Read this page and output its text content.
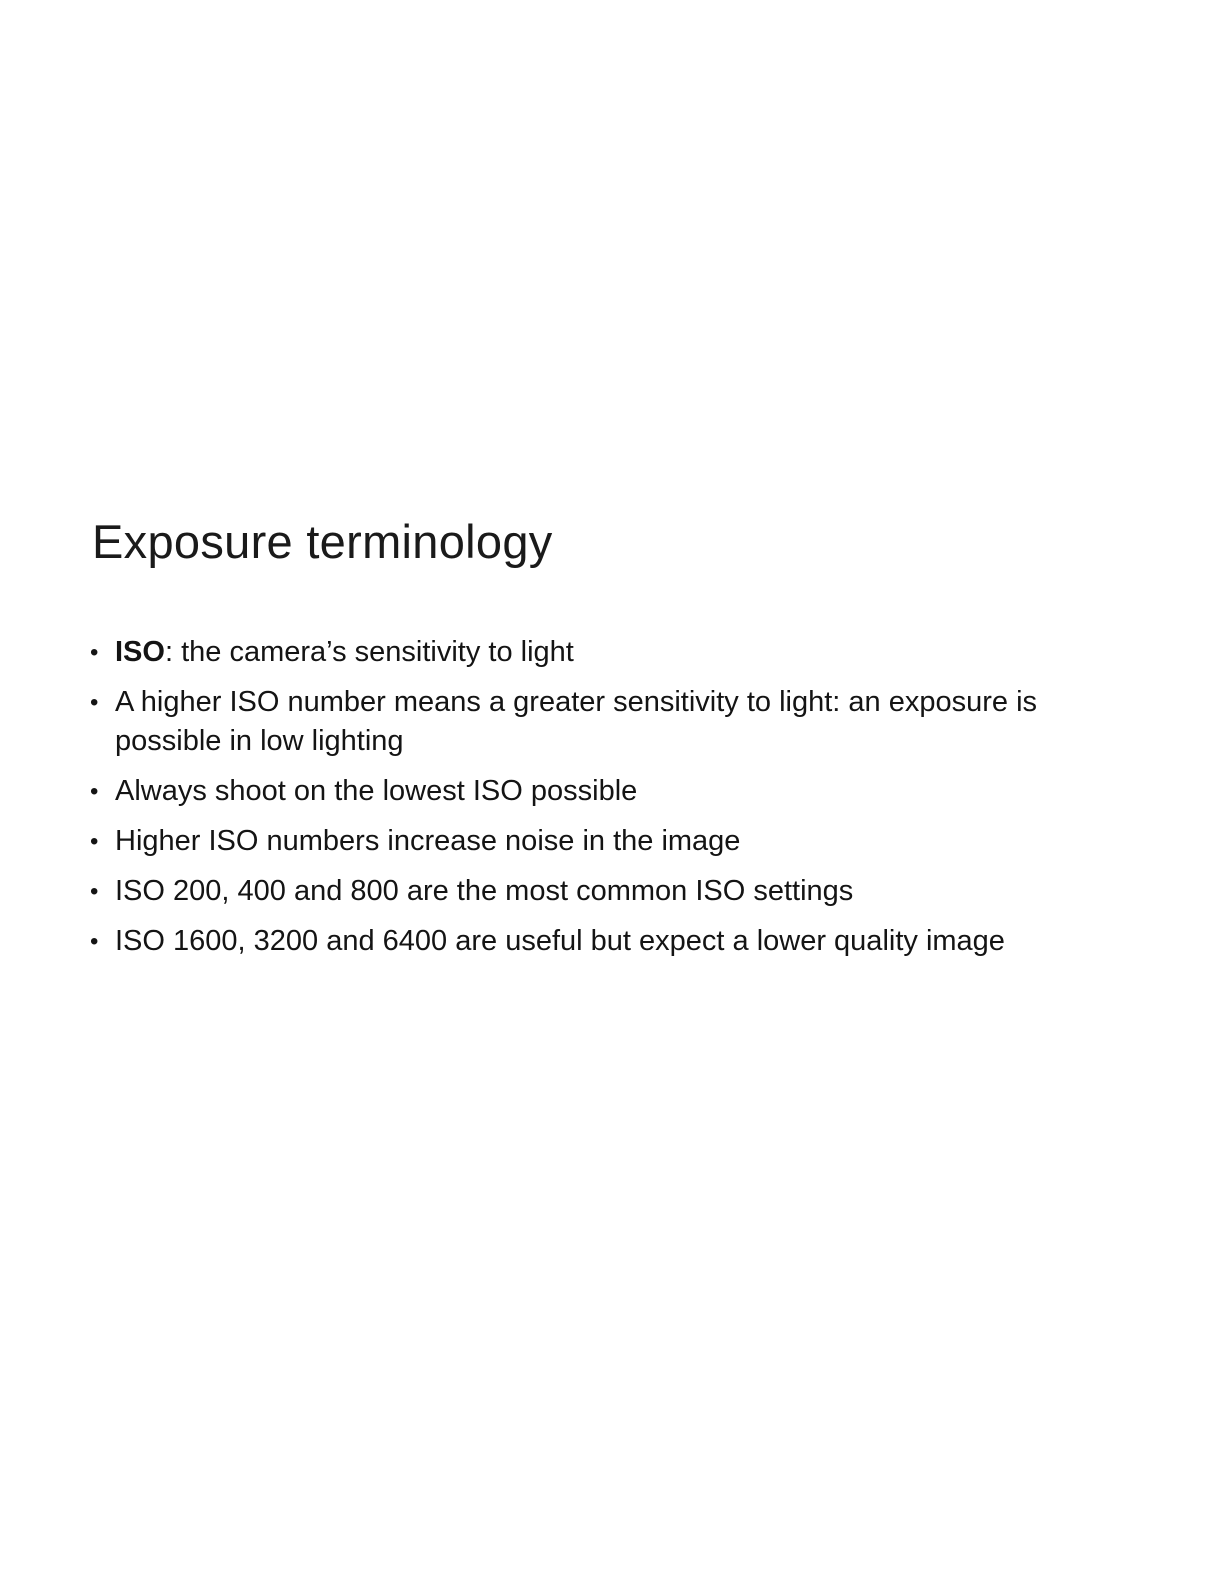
Exposure terminology
• ISO: the camera’s sensitivity to light
• A higher ISO number means a greater sensitivity to light: an exposure is possible in low lighting
• Always shoot on the lowest ISO possible
• Higher ISO numbers increase noise in the image
• ISO 200, 400 and 800 are the most common ISO settings
• ISO 1600, 3200 and 6400 are useful but expect a lower quality image
